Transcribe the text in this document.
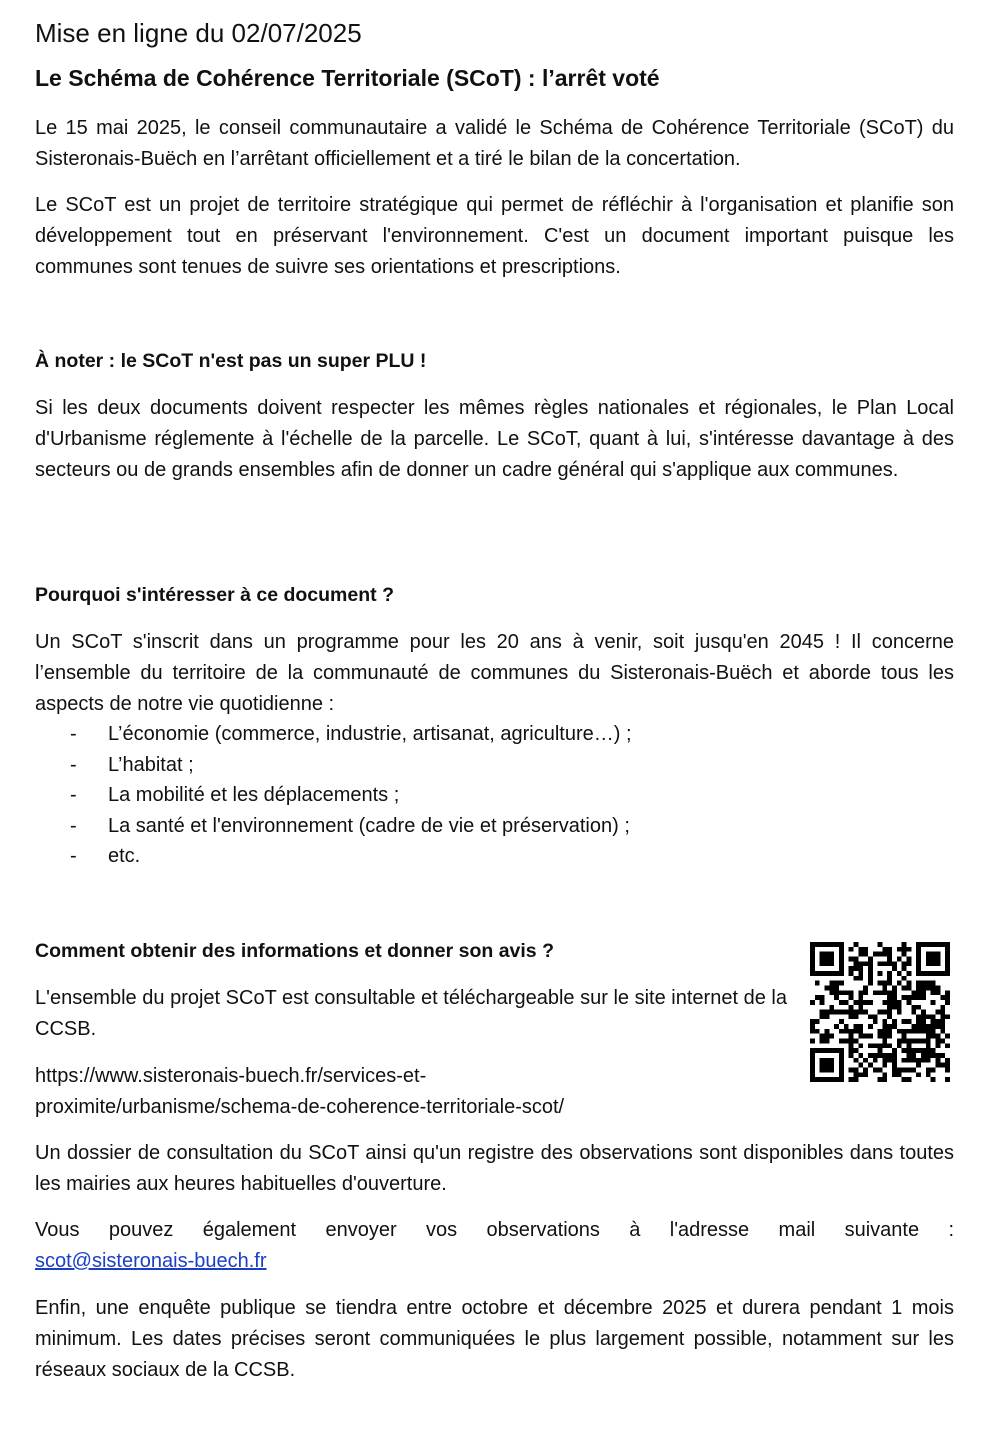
Mise en ligne du 02/07/2025
Le Schéma de Cohérence Territoriale (SCoT) : l’arrêt voté

Le 15 mai 2025, le conseil communautaire a validé le Schéma de Cohérence Territoriale (SCoT) du Sisteronais-Buëch en l’arrêtant officiellement et a tiré le bilan de la concertation.

Le SCoT est un projet de territoire stratégique qui permet de réfléchir à l'organisation et planifie son développement tout en préservant l'environnement. C'est un document important puisque les communes sont tenues de suivre ses orientations et prescriptions.

À noter : le SCoT n'est pas un super PLU !

Si les deux documents doivent respecter les mêmes règles nationales et régionales, le Plan Local d'Urbanisme réglemente à l'échelle de la parcelle. Le SCoT, quant à lui, s'intéresse davantage à des secteurs ou de grands ensembles afin de donner un cadre général qui s'applique aux communes.

Pourquoi s'intéresser à ce document ?

Un SCoT s'inscrit dans un programme pour les 20 ans à venir, soit jusqu'en 2045 ! Il concerne l’ensemble du territoire de la communauté de communes du Sisteronais-Buëch et aborde tous les aspects de notre vie quotidienne :

- L’économie (commerce, industrie, artisanat, agriculture…) ;
- L’habitat ;
- La mobilité et les déplacements ;
- La santé et l'environnement (cadre de vie et préservation) ;
- etc.
Comment obtenir des informations et donner son avis ?

L'ensemble du projet SCoT est consultable et téléchargeable sur le site internet de la CCSB.

https://www.sisteronais-buech.fr/services-et-
proximite/urbanisme/schema-de-coherence-territoriale-scot/

Un dossier de consultation du SCoT ainsi qu'un registre des observations sont disponibles dans toutes les mairies aux heures habituelles d'ouverture.

Vous pouvez également envoyer vos observations à l'adresse mail suivante :
scot@sisteronais-buech.fr

Enfin, une enquête publique se tiendra entre octobre et décembre 2025 et durera pendant 1 mois minimum. Les dates précises seront communiquées le plus largement possible, notamment sur les réseaux sociaux de la CCSB.
